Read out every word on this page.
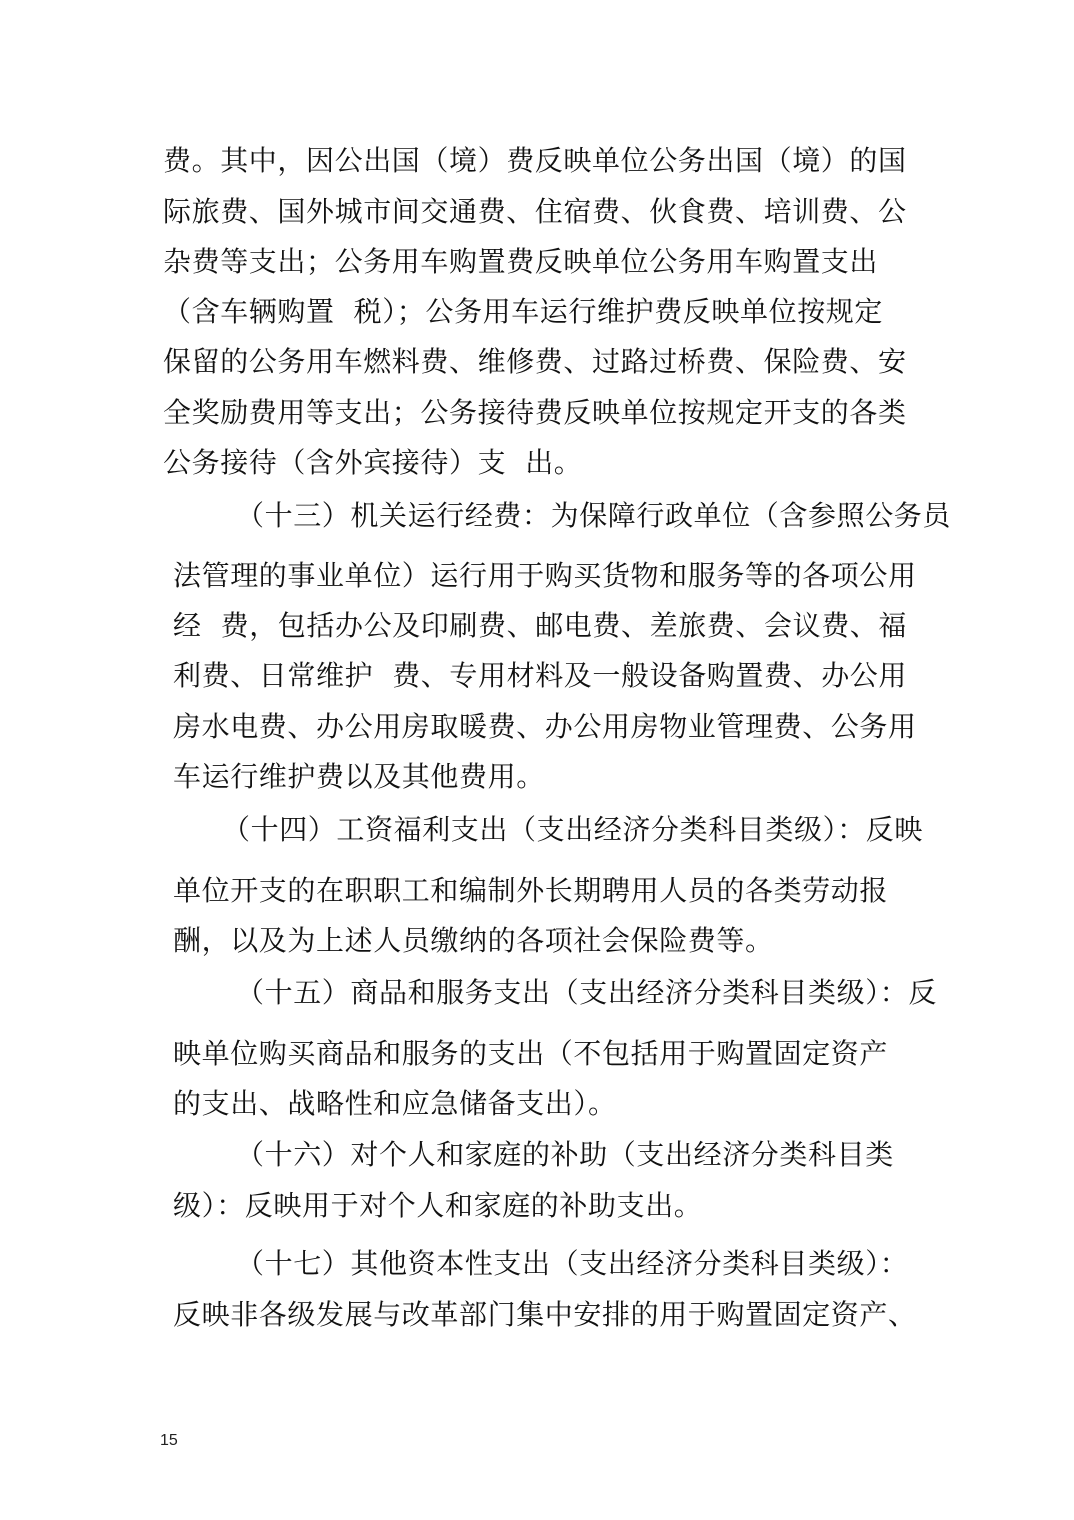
费。其中，因公出国（境）费反映单位公务出国（境）的国
际旅费、国外城市间交通费、住宿费、伙食费、培训费、公
杂费等支出；公务用车购置费反映单位公务用车购置支出
（含车辆购置  税）；公务用车运行维护费反映单位按规定
保留的公务用车燃料费、维修费、过路过桥费、保险费、安
全奖励费用等支出；公务接待费反映单位按规定开支的各类
公务接待（含外宾接待）支  出。
（十三）机关运行经费：为保障行政单位（含参照公务员
法管理的事业单位）运行用于购买货物和服务等的各项公用
经  费，包括办公及印刷费、邮电费、差旅费、会议费、福
利费、日常维护  费、专用材料及一般设备购置费、办公用
房水电费、办公用房取暖费、办公用房物业管理费、公务用
车运行维护费以及其他费用。
（十四）工资福利支出（支出经济分类科目类级）：反映
单位开支的在职职工和编制外长期聘用人员的各类劳动报
酬，以及为上述人员缴纳的各项社会保险费等。
（十五）商品和服务支出（支出经济分类科目类级）：反
映单位购买商品和服务的支出（不包括用于购置固定资产
的支出、战略性和应急储备支出）。
（十六）对个人和家庭的补助（支出经济分类科目类
级）：反映用于对个人和家庭的补助支出。
（十七）其他资本性支出（支出经济分类科目类级）：
反映非各级发展与改革部门集中安排的用于购置固定资产、
15
